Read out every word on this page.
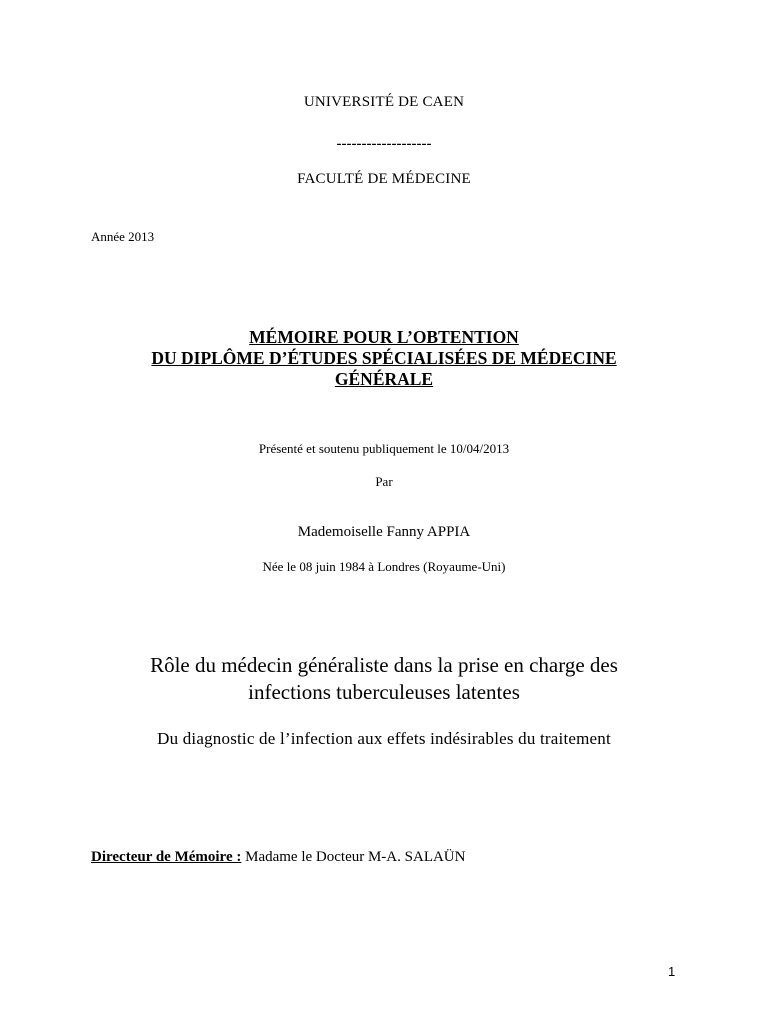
UNIVERSITÉ DE CAEN
-------------------
FACULTÉ DE MÉDECINE
Année 2013
MÉMOIRE POUR L’OBTENTION
DU DIPLÔME D’ÉTUDES SPÉCIALISÉES DE MÉDECINE
GÉNÉRALE
Présenté et soutenu publiquement le 10/04/2013
Par
Mademoiselle Fanny APPIA
Née le 08 juin 1984 à Londres (Royaume-Uni)
Rôle du médecin généraliste dans la prise en charge des
infections tuberculeuses latentes
Du diagnostic de l’infection aux effets indésirables du traitement
Directeur de Mémoire : Madame le Docteur M-A. SALAÜN
1
